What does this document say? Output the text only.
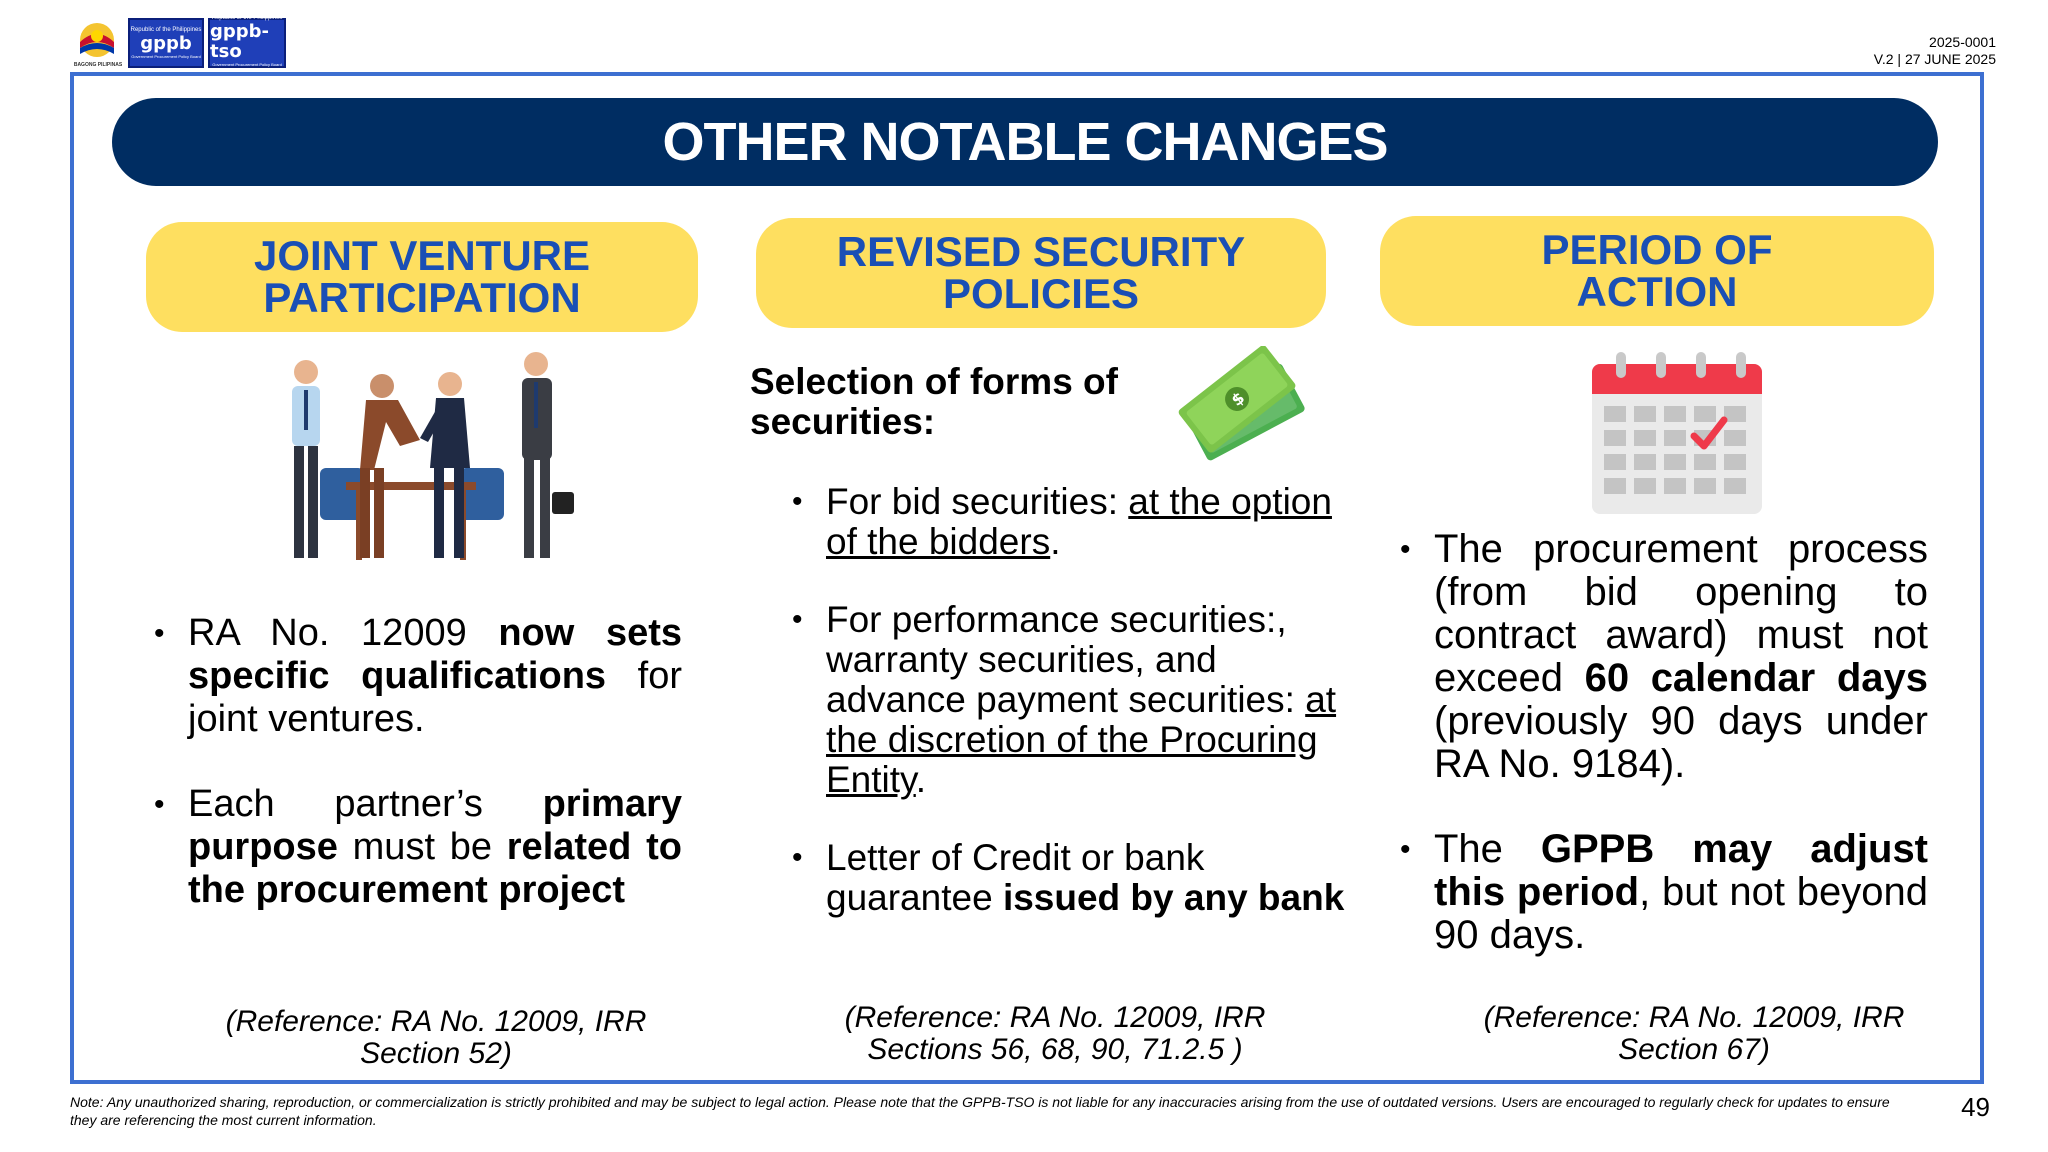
BAGONG PILIPINAS
Republic of the Philippines
gppb
Government Procurement Policy Board
Republic of the Philippines
gppb-tso
Government Procurement Policy Board Technical Support Office
2025-0001
V.2 | 27 JUNE 2025
OTHER NOTABLE CHANGES
JOINT VENTURE
PARTICIPATION
REVISED SECURITY
POLICIES
PERIOD OF
ACTION
• RA No. 12009 now sets specific qualifications for joint ventures.
• Each partner’s primary purpose must be related to the procurement project
(Reference: RA No. 12009, IRR
Section 52)
Selection of forms of securities:
$
• For bid securities: at the option of the bidders.
• For performance securities:, warranty securities, and advance payment securities: at the discretion of the Procuring Entity.
• Letter of Credit or bank guarantee issued by any bank
(Reference: RA No. 12009, IRR
Sections 56, 68, 90, 71.2.5 )
• The procurement process (from bid opening to contract award) must not exceed 60 calendar days (previously 90 days under RA No. 9184).
• The GPPB may adjust this period, but not beyond 90 days.
(Reference: RA No. 12009, IRR
Section 67)
Note: Any unauthorized sharing, reproduction, or commercialization is strictly prohibited and may be subject to legal action. Please note that the GPPB-TSO is not liable for any inaccuracies arising from the use of outdated versions. Users are encouraged to regularly check for updates to ensure they are referencing the most current information.	49
